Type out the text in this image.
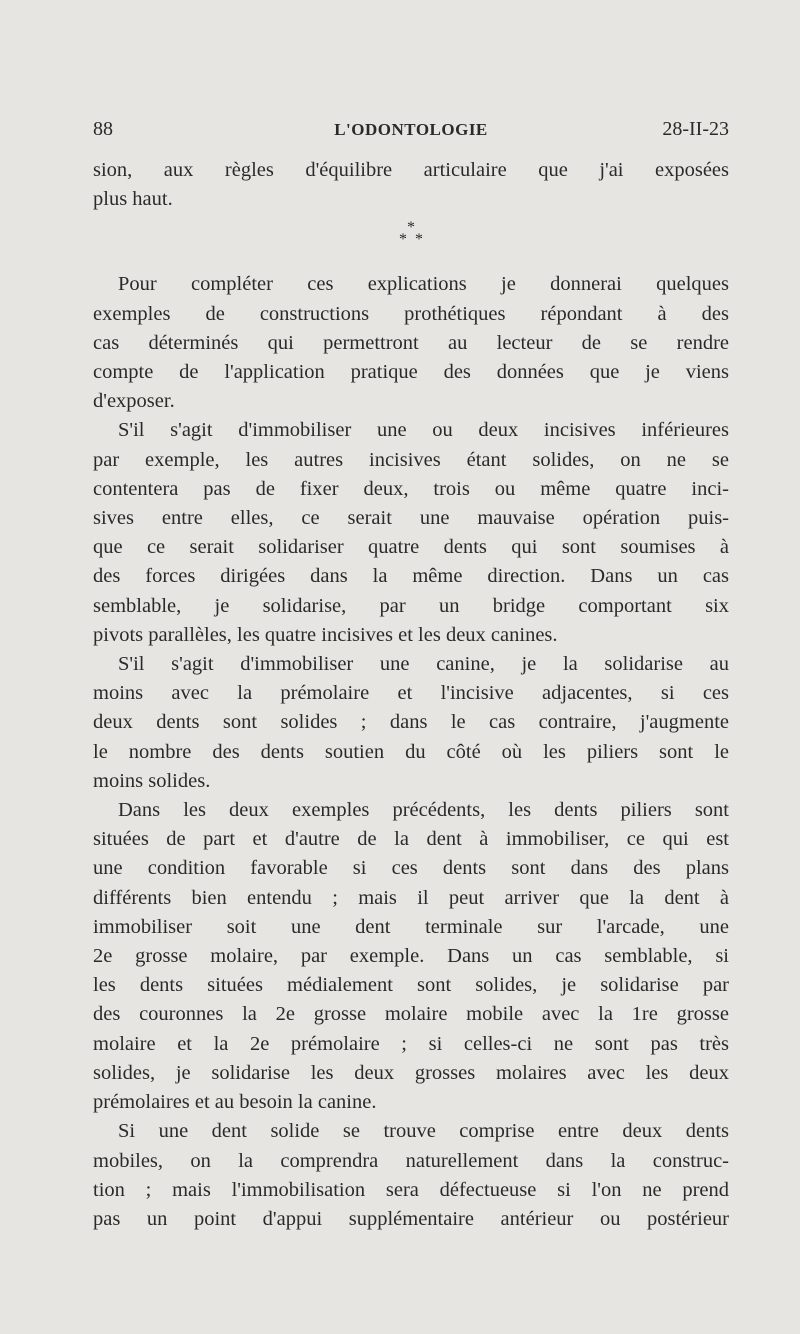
88	L'ODONTOLOGIE	28-II-23

sion, aux règles d'équilibre articulaire que j'ai exposées

plus haut.

*
* *

Pour compléter ces explications je donnerai quelques

exemples de constructions prothétiques répondant à des

cas déterminés qui permettront au lecteur de se rendre

compte de l'application pratique des données que je viens

d'exposer.

S'il s'agit d'immobiliser une ou deux incisives inférieures

par exemple, les autres incisives étant solides, on ne se

contentera pas de fixer deux, trois ou même quatre inci-

sives entre elles, ce serait une mauvaise opération puis-

que ce serait solidariser quatre dents qui sont soumises à

des forces dirigées dans la même direction. Dans un cas

semblable, je solidarise, par un bridge comportant six

pivots parallèles, les quatre incisives et les deux canines.

S'il s'agit d'immobiliser une canine, je la solidarise au

moins avec la prémolaire et l'incisive adjacentes, si ces

deux dents sont solides ; dans le cas contraire, j'augmente

le nombre des dents soutien du côté où les piliers sont le

moins solides.

Dans les deux exemples précédents, les dents piliers sont

situées de part et d'autre de la dent à immobiliser, ce qui est

une condition favorable si ces dents sont dans des plans

différents bien entendu ; mais il peut arriver que la dent à

immobiliser soit une dent terminale sur l'arcade, une

2e grosse molaire, par exemple. Dans un cas semblable, si

les dents situées médialement sont solides, je solidarise par

des couronnes la 2e grosse molaire mobile avec la 1re grosse

molaire et la 2e prémolaire ; si celles-ci ne sont pas très

solides, je solidarise les deux grosses molaires avec les deux

prémolaires et au besoin la canine.

Si une dent solide se trouve comprise entre deux dents

mobiles, on la comprendra naturellement dans la construc-

tion ; mais l'immobilisation sera défectueuse si l'on ne prend

pas un point d'appui supplémentaire antérieur ou postérieur
